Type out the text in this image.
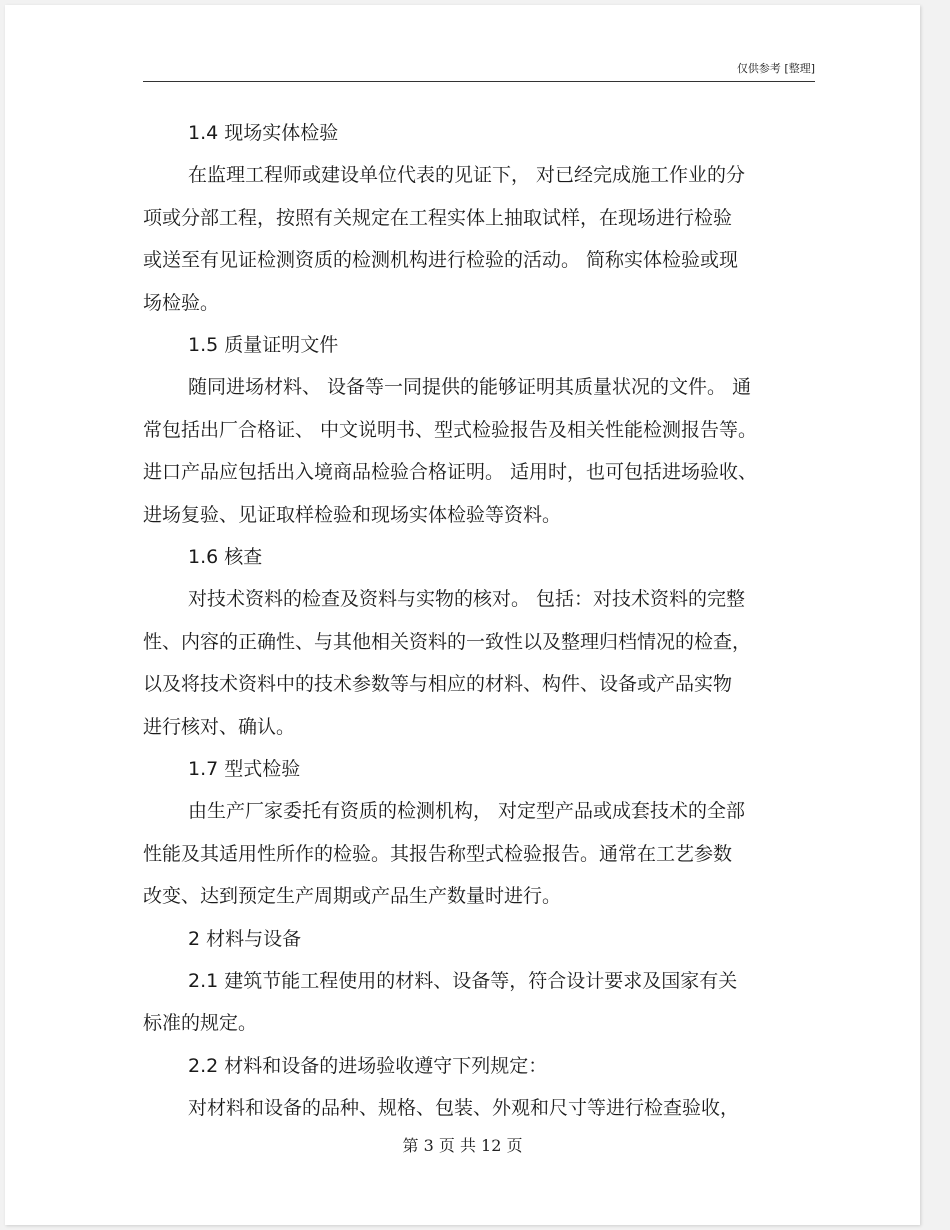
仅供参考 [整理]
1.4 现场实体检验
在监理工程师或建设单位代表的见证下， 对已经完成施工作业的分
项或分部工程，按照有关规定在工程实体上抽取试样，在现场进行检验
或送至有见证检测资质的检测机构进行检验的活动。 简称实体检验或现
场检验。
1.5 质量证明文件
随同进场材料、 设备等一同提供的能够证明其质量状况的文件。 通
常包括出厂合格证、 中文说明书、型式检验报告及相关性能检测报告等。
进口产品应包括出入境商品检验合格证明。 适用时，也可包括进场验收、
进场复验、见证取样检验和现场实体检验等资料。
1.6 核查
对技术资料的检查及资料与实物的核对。 包括：对技术资料的完整
性、内容的正确性、与其他相关资料的一致性以及整理归档情况的检查，
以及将技术资料中的技术参数等与相应的材料、构件、设备或产品实物
进行核对、确认。
1.7 型式检验
由生产厂家委托有资质的检测机构， 对定型产品或成套技术的全部
性能及其适用性所作的检验。其报告称型式检验报告。通常在工艺参数
改变、达到预定生产周期或产品生产数量时进行。
2 材料与设备
2.1 建筑节能工程使用的材料、设备等，符合设计要求及国家有关
标准的规定。
2.2 材料和设备的进场验收遵守下列规定：
对材料和设备的品种、规格、包装、外观和尺寸等进行检查验收，
第 3 页 共 12 页
